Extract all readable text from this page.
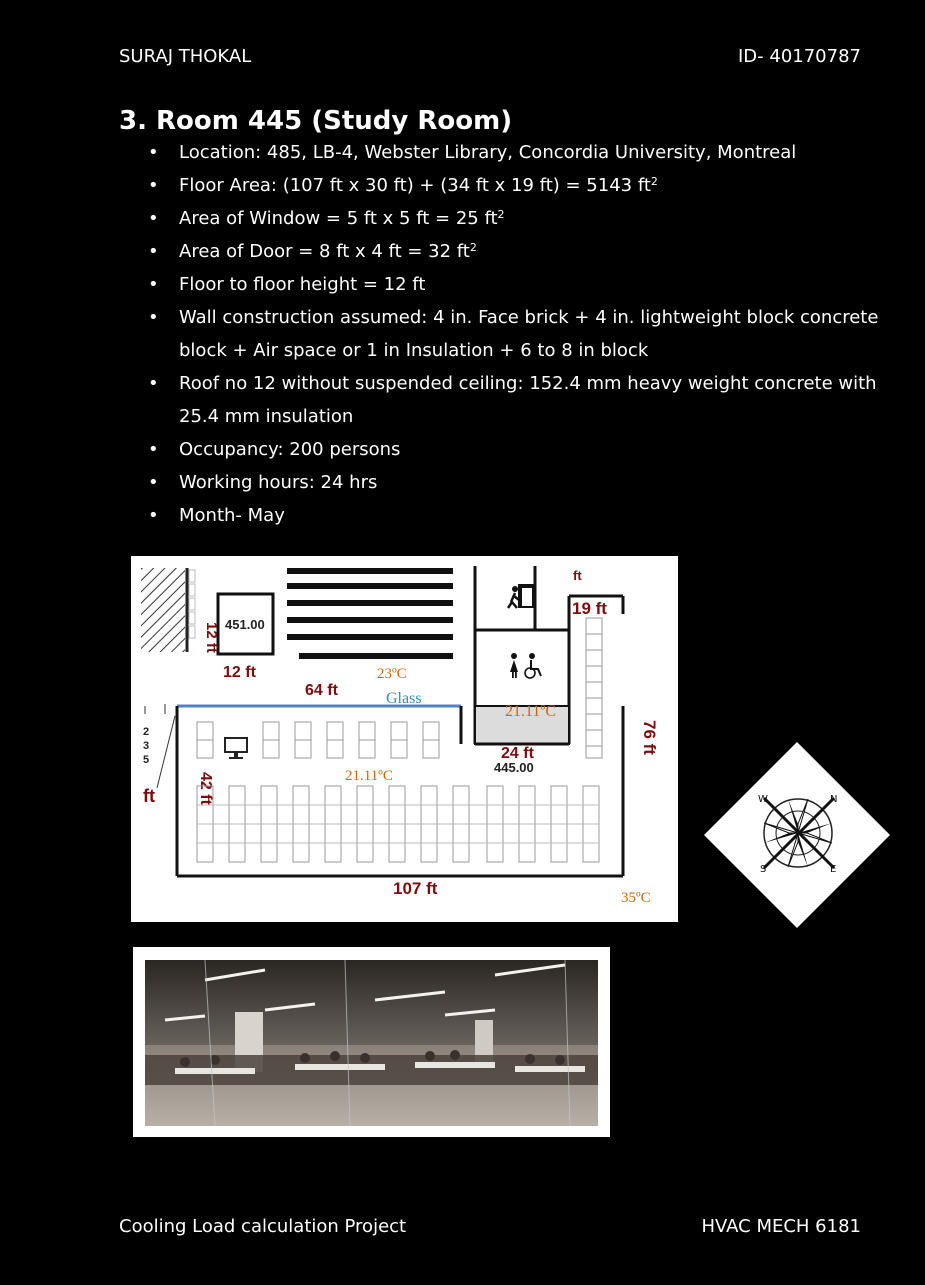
SURAJ THOKAL	ID- 40170787
3. Room 445 (Study Room)
• Location: 485, LB-4, Webster Library, Concordia University, Montreal
• Floor Area: (107 ft x 30 ft) + (34 ft x 19 ft) = 5143 $ft^2$
• Area of Window = 5 ft x 5 ft = 25 $ft^2$
• Area of Door = 8 ft x 4 ft = 32 $ft^2$
• Floor to floor height = 12 ft
• Wall construction assumed: 4 in. Face brick + 4 in. lightweight block concrete block + Air space or 1 in Insulation + 6 to 8 in block
• Roof no 12 without suspended ceiling: 152.4 mm heavy weight concrete with 25.4 mm insulation
• Occupancy: 200 persons
• Working hours: 24 hrs
• Month- May
451.00
12 ft
12 ft
19 ft
ft
76 ft
23ºC
64 ft	Glass
21.11ºC
24 ft
445.00
21.11ºC
2
3
5
ft	42 ft
107 ft	35ºC
N
W
E
S
Cooling Load calculation Project	HVAC MECH 6181
